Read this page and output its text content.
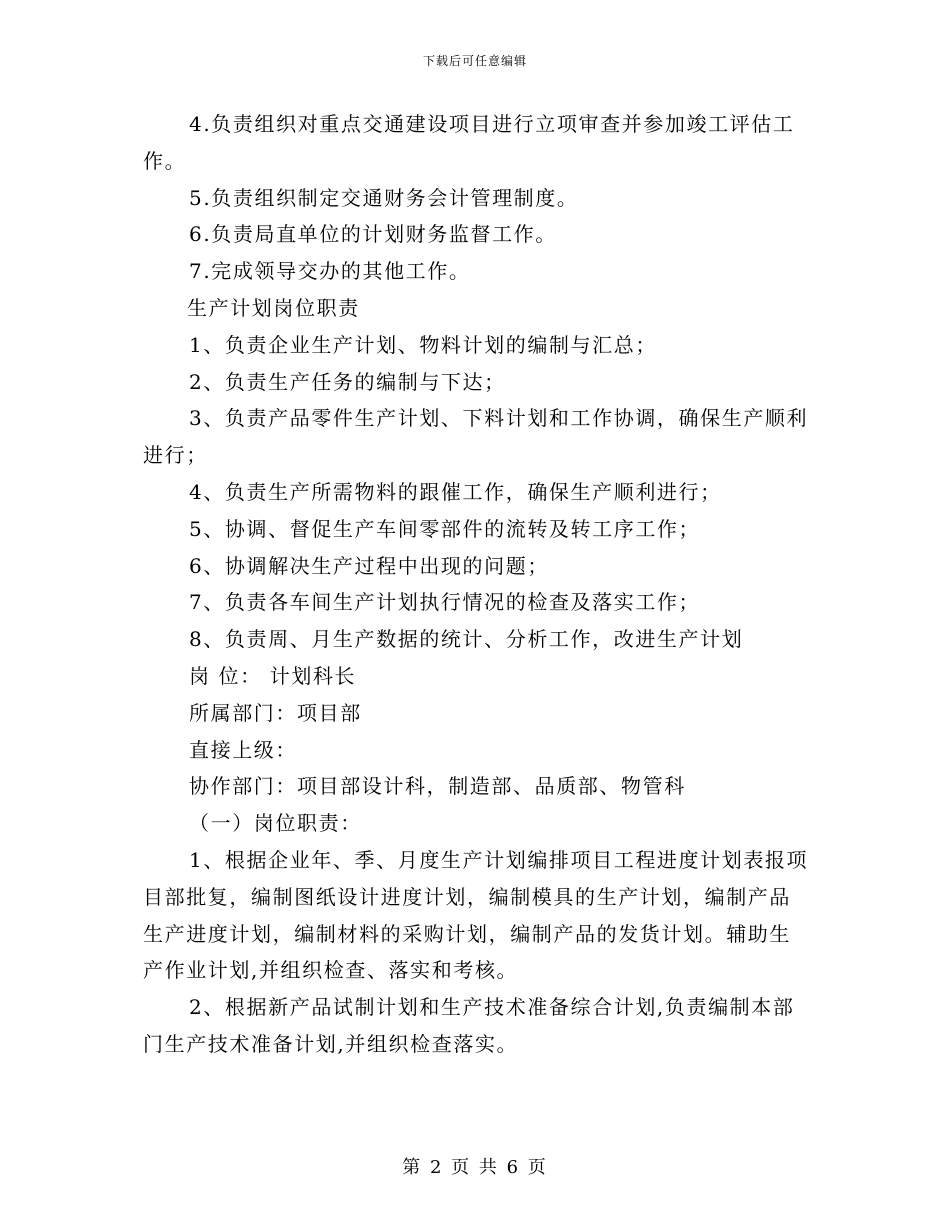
下载后可任意编辑
4.负责组织对重点交通建设项目进行立项审查并参加竣工评估工
作。
5.负责组织制定交通财务会计管理制度。
6.负责局直单位的计划财务监督工作。
7.完成领导交办的其他工作。
生产计划岗位职责
1、负责企业生产计划、物料计划的编制与汇总；
2、负责生产任务的编制与下达；
3、负责产品零件生产计划、下料计划和工作协调，确保生产顺利
进行；
4、负责生产所需物料的跟催工作，确保生产顺利进行；
5、协调、督促生产车间零部件的流转及转工序工作；
6、协调解决生产过程中出现的问题；
7、负责各车间生产计划执行情况的检查及落实工作；
8、负责周、月生产数据的统计、分析工作，改进生产计划
岗 位： 计划科长
所属部门：项目部
直接上级：
协作部门：项目部设计科，制造部、品质部、物管科
（一）岗位职责：
1、根据企业年、季、月度生产计划编排项目工程进度计划表报项
目部批复，编制图纸设计进度计划，编制模具的生产计划，编制产品
生产进度计划，编制材料的采购计划，编制产品的发货计划。辅助生
产作业计划,并组织检查、落实和考核。
2、根据新产品试制计划和生产技术准备综合计划,负责编制本部
门生产技术准备计划,并组织检查落实。
第 2 页 共 6 页
